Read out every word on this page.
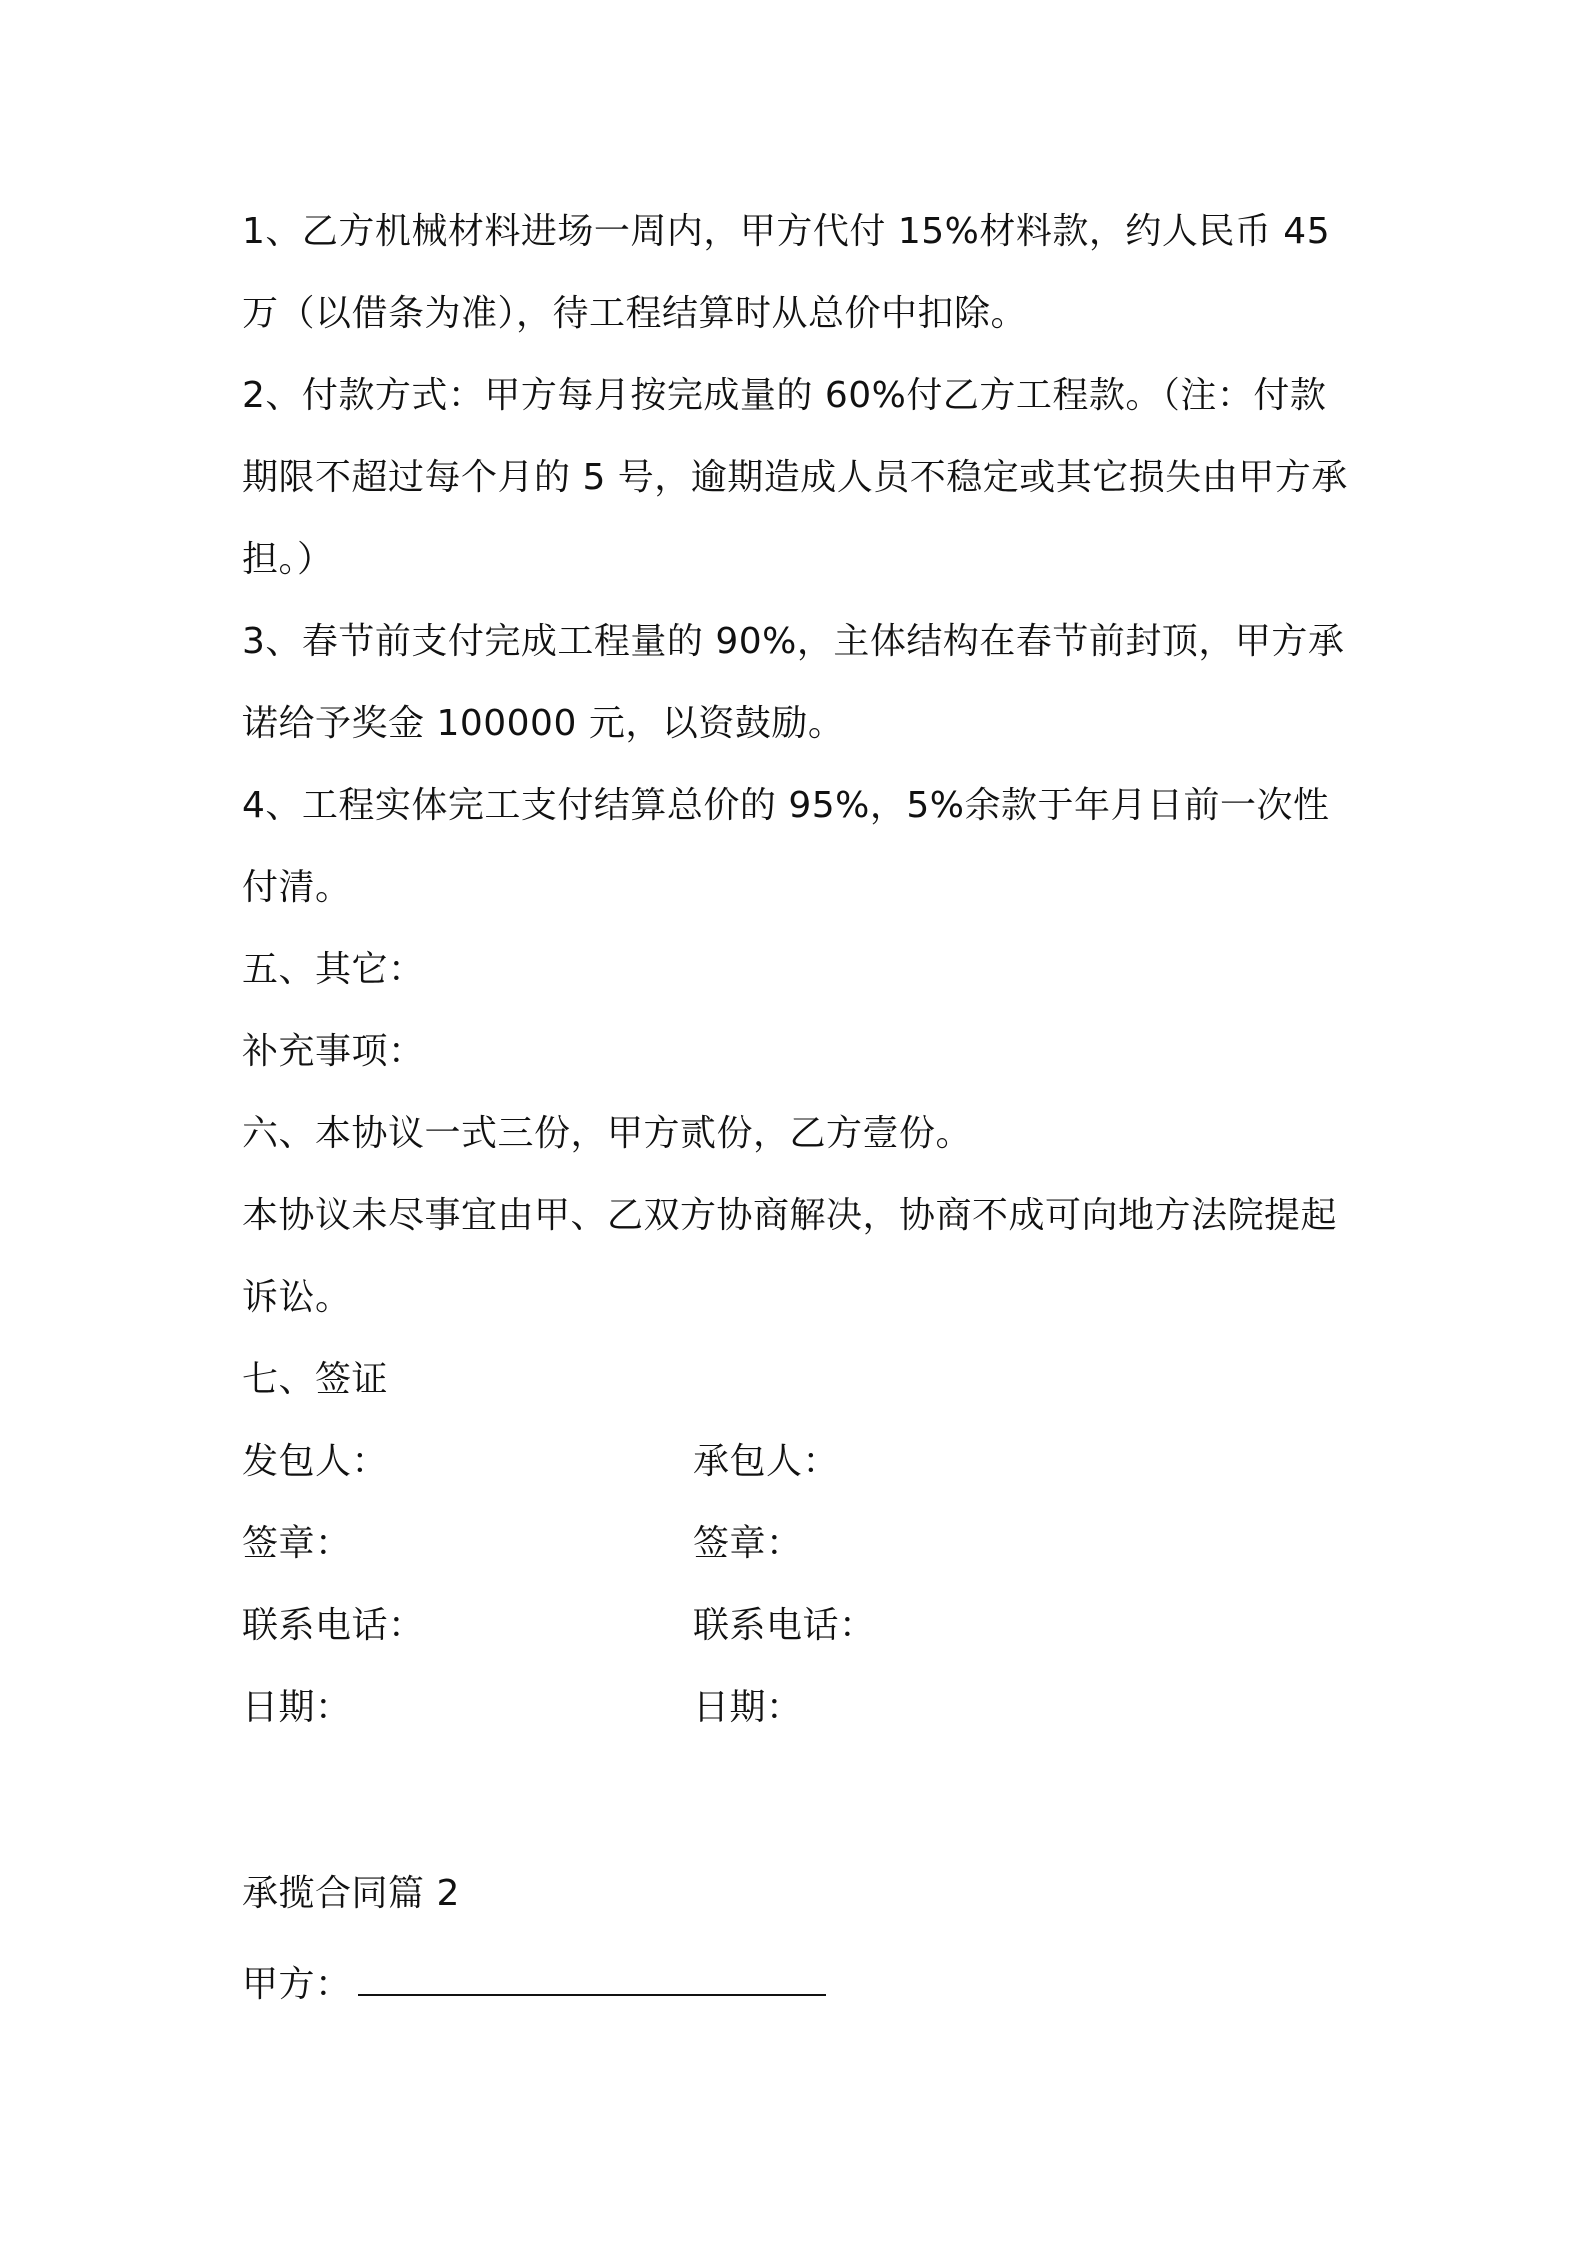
1、乙方机械材料进场一周内，甲方代付 15%材料款，约人民币 45
万（以借条为准），待工程结算时从总价中扣除。
2、付款方式：甲方每月按完成量的 60%付乙方工程款。（注：付款
期限不超过每个月的 5 号，逾期造成人员不稳定或其它损失由甲方承
担。）
3、春节前支付完成工程量的 90%，主体结构在春节前封顶，甲方承
诺给予奖金 100000 元，以资鼓励。
4、工程实体完工支付结算总价的 95%，5%余款于年月日前一次性
付清。
五、其它：
补充事项：
六、本协议一式三份，甲方贰份，乙方壹份。
本协议未尽事宜由甲、乙双方协商解决，协商不成可向地方法院提起
诉讼。
七、签证
发包人：	承包人：
签章：	签章：
联系电话：	联系电话：
日期：	日期：
承揽合同篇 2
甲方：
